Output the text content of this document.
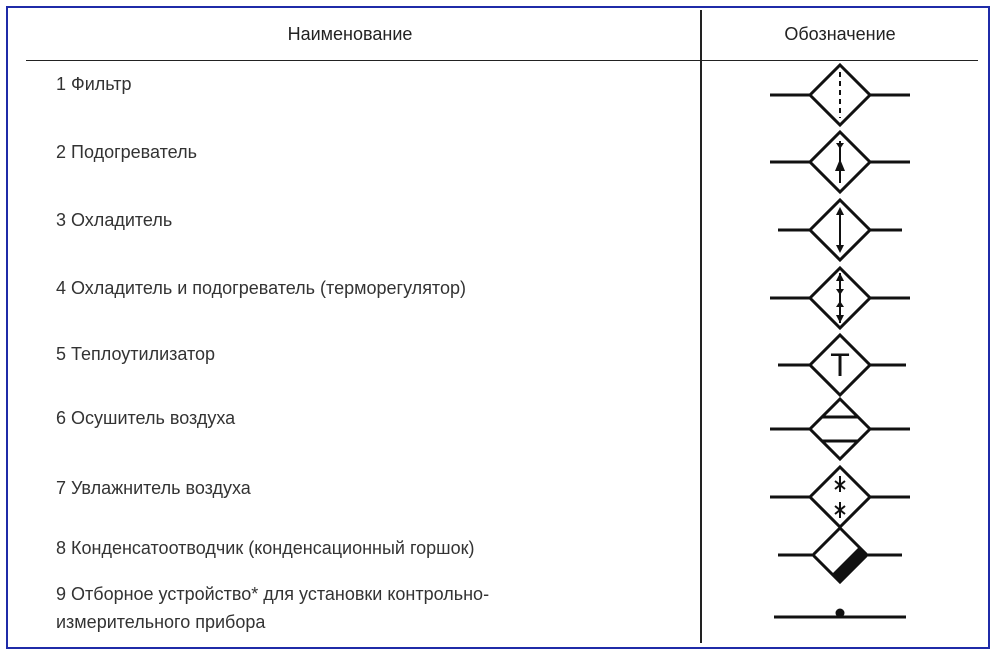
Наименование	Обозначение
1 Фильтр
2 Подогреватель
3 Охладитель
4 Охладитель и подогреватель (терморегулятор)
5 Теплоутилизатор
6 Осушитель воздуха
7 Увлажнитель воздуха
8 Конденсатоотводчик (конденсационный горшок)
9 Отборное устройство* для установки контрольно-
измерительного прибора
T
